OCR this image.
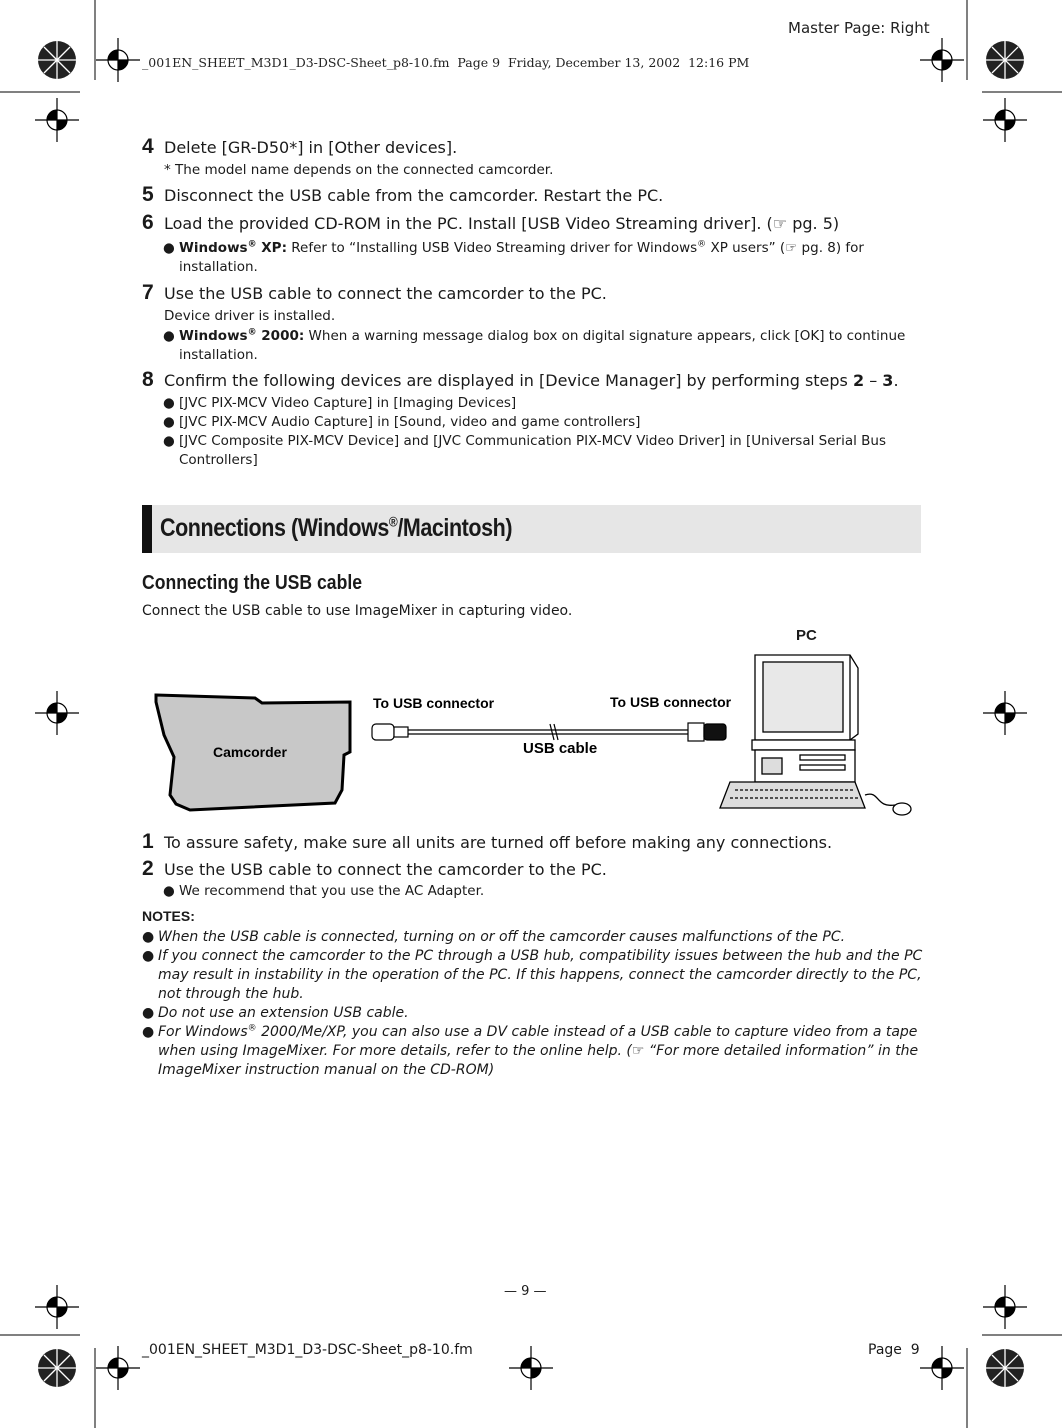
Master Page: Right
_001EN_SHEET_M3D1_D3-DSC-Sheet_p8-10.fm  Page 9  Friday, December 13, 2002  12:16 PM
4 Delete [GR-D50*] in [Other devices].
* The model name depends on the connected camcorder.
5 Disconnect the USB cable from the camcorder. Restart the PC.
6 Load the provided CD-ROM in the PC. Install [USB Video Streaming driver]. (☞ pg. 5)
● Windows® XP: Refer to “Installing USB Video Streaming driver for Windows® XP users” (☞ pg. 8) for installation.
7 Use the USB cable to connect the camcorder to the PC.
Device driver is installed.
● Windows® 2000: When a warning message dialog box on digital signature appears, click [OK] to continue installation.
8 Confirm the following devices are displayed in [Device Manager] by performing steps 2 – 3.
● [JVC PIX-MCV Video Capture] in [Imaging Devices]
● [JVC PIX-MCV Audio Capture] in [Sound, video and game controllers]
● [JVC Composite PIX-MCV Device] and [JVC Communication PIX-MCV Video Driver] in [Universal Serial Bus Controllers]
Connections (Windows®/Macintosh)
Connecting the USB cable
Connect the USB cable to use ImageMixer in capturing video.
Camcorder
To USB connector	To USB connector
USB cable
PC
1 To assure safety, make sure all units are turned off before making any connections.
2 Use the USB cable to connect the camcorder to the PC.
● We recommend that you use the AC Adapter.
NOTES:
● When the USB cable is connected, turning on or off the camcorder causes malfunctions of the PC.
● If you connect the camcorder to the PC through a USB hub, compatibility issues between the hub and the PC may result in instability in the operation of the PC. If this happens, connect the camcorder directly to the PC, not through the hub.
● Do not use an extension USB cable.
● For Windows® 2000/Me/XP, you can also use a DV cable instead of a USB cable to capture video from a tape when using ImageMixer. For more details, refer to the online help. (☞ “For more detailed information” in the ImageMixer instruction manual on the CD-ROM)
— 9 —
_001EN_SHEET_M3D1_D3-DSC-Sheet_p8-10.fm	Page  9
